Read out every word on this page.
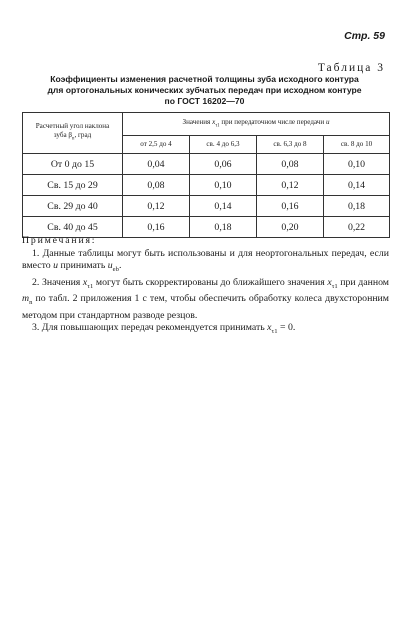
Стр. 59
Таблица 3
Коэффициенты изменения расчетной толщины зуба исходного контура
для ортогональных конических зубчатых передач при исходном контуре
по ГОСТ 16202—70
Расчетный угол наклона
зуба $\beta_n$, град	Значения $x_{\tau 1}$ при передаточном числе передачи u			
	от 2,5 до 4	св. 4 до 6,3	св. 6,3 до 8	св. 8 до 10
От 0 до 15	0,04	0,06	0,08	0,10
Св. 15 до 29	0,08	0,10	0,12	0,14
Св. 29 до 40	0,12	0,14	0,16	0,18
Св. 40 до 45	0,16	0,18	0,20	0,22
Примечания:

1. Данные таблицы могут быть использованы и для неортогональных передач, если вместо u принимать $u_{eb}$.

2. Значения $x_{\tau 1}$ могут быть скорректированы до ближайшего значения $x_{\tau 1}$ при данном $m_n$ по табл. 2 приложения 1 с тем, чтобы обеспечить обработку колеса двухсторонним методом при стандартном разводе резцов.

3. Для повышающих передач рекомендуется принимать $x_{\tau 1} = 0$.
